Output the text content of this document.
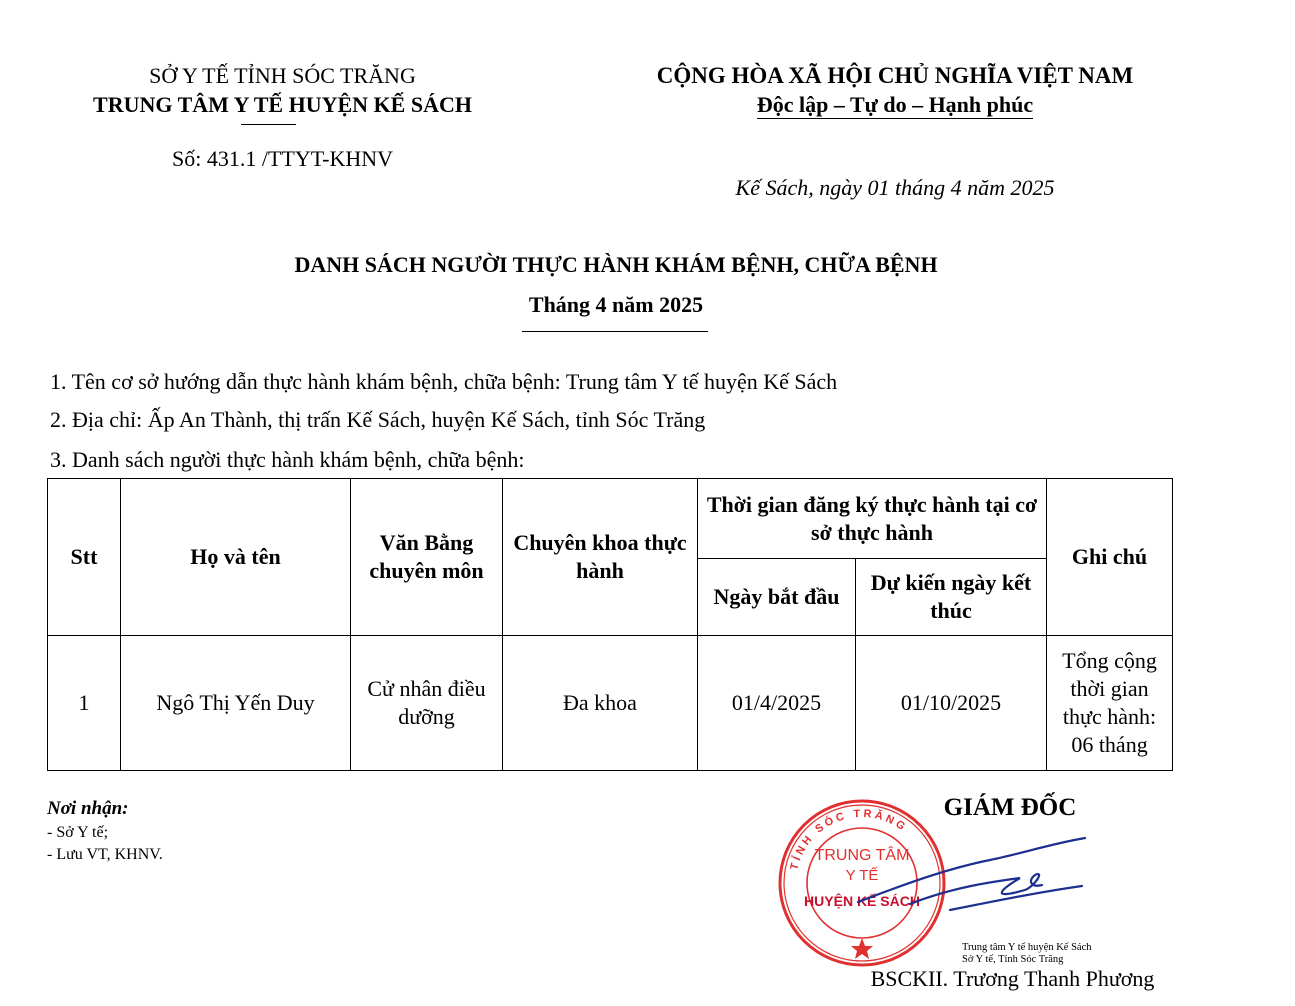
SỞ Y TẾ TỈNH SÓC TRĂNG
TRUNG TÂM Y TẾ HUYỆN KẾ SÁCH
Số: 431.1 /TTYT-KHNV
CỘNG HÒA XÃ HỘI CHỦ NGHĨA VIỆT NAM
Độc lập – Tự do – Hạnh phúc
Kế Sách, ngày 01 tháng 4 năm 2025
DANH SÁCH NGƯỜI THỰC HÀNH KHÁM BỆNH, CHỮA BỆNH
Tháng 4 năm 2025
1. Tên cơ sở hướng dẫn thực hành khám bệnh, chữa bệnh: Trung tâm Y tế huyện Kế Sách
2. Địa chỉ: Ấp An Thành, thị trấn Kế Sách, huyện Kế Sách, tỉnh Sóc Trăng
3. Danh sách người thực hành khám bệnh, chữa bệnh:
Stt	Họ và tên	Văn Bằng chuyên môn	Chuyên khoa thực hành	Thời gian đăng ký thực hành tại cơ sở thực hành		Ghi chú
				Ngày bắt đầu	Dự kiến ngày kết thúc	
1	Ngô Thị Yến Duy	Cử nhân điều dưỡng	Đa khoa	01/4/2025	01/10/2025	Tổng cộng thời gian thực hành: 06 tháng
Nơi nhận:
- Sở Y tế;
- Lưu VT, KHNV.
TỈNH SÓC TRĂNG
TRUNG TÂM
Y TẾ
HUYỆN KẾ SÁCH
GIÁM ĐỐC
Trung tâm Y tế huyện Kế Sách
Sở Y tế, Tỉnh Sóc Trăng
BSCKII. Trương Thanh Phương
